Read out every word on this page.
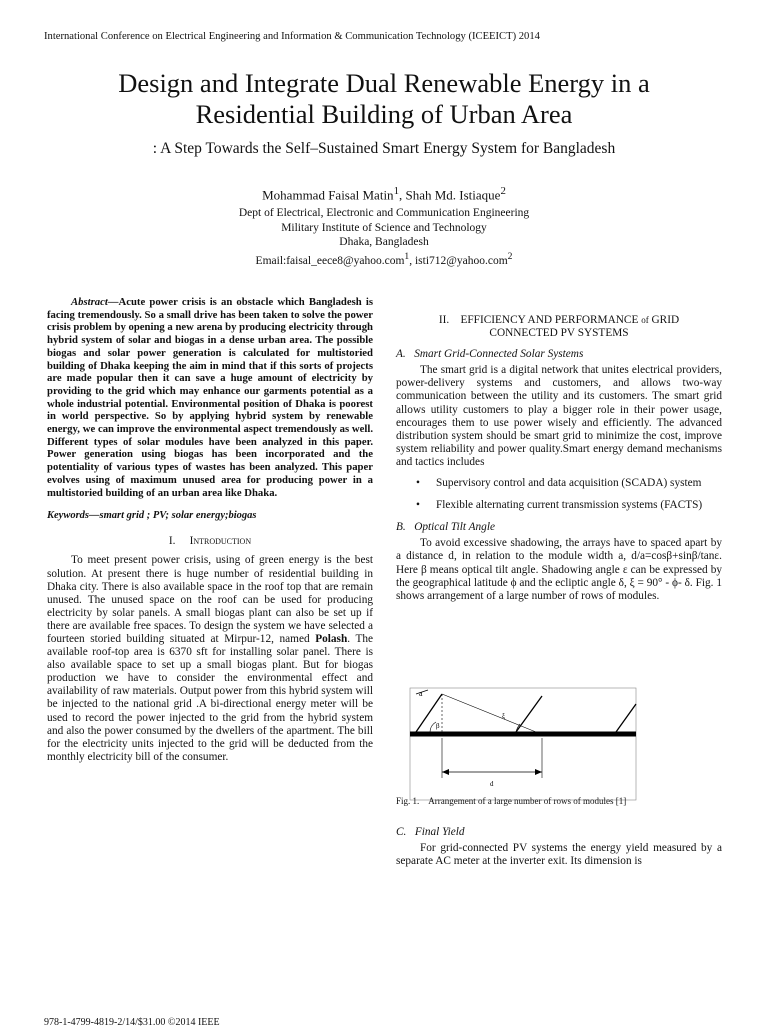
International Conference on Electrical Engineering and Information & Communication Technology (ICEEICT) 2014
Design and Integrate Dual Renewable Energy in a
Residential Building of Urban Area
: A Step Towards the Self–Sustained Smart Energy System for Bangladesh
Mohammad Faisal Matin$^1$, Shah Md. Istiaque$^2$
Dept of Electrical, Electronic and Communication Engineering
Military Institute of Science and Technology
Dhaka, Bangladesh
Email:faisal_eece8@yahoo.com$^1$, isti712@yahoo.com$^2$

Abstract—Acute power crisis is an obstacle which Bangladesh is facing tremendously. So a small drive has been taken to solve the power crisis problem by opening a new arena by producing electricity through hybrid system of solar and biogas in a dense urban area. The possible biogas and solar power generation is calculated for multistoried building of Dhaka keeping the aim in mind that if this sorts of projects are made popular then it can save a huge amount of electricity by providing to the grid which may enhance our garments potential as a whole industrial potential. Environmental position of Dhaka is poorest in world perspective. So by applying hybrid system by renewable energy, we can improve the environmental aspect tremendously as well. Different types of solar modules have been analyzed in this paper. Power generation using biogas has been incorporated and the potentiality of various types of wastes has been analyzed. This paper evolves using of maximum unused area for producing power in a multistoried building of an urban area like Dhaka.

Keywords—smart grid ; PV; solar energy;biogas

I. Introduction

To meet present power crisis, using of green energy is the best solution. At present there is huge number of residential building in Dhaka city. There is also available space in the roof top that are remain unused. The unused space on the roof can be used for producing electricity by solar panels. A small biogas plant can also be set up if there are available free spaces. To design the system we have selected a fourteen storied building situated at Mirpur-12, named Polash. The available roof-top area is 6370 sft for installing solar panel. There is also available space to set up a small biogas plant. But for biogas production we have to consider the environmental effect and availability of raw materials. Output power from this hybrid system will be injected to the national grid .A bi-directional energy meter will be used to record the power injected to the grid from the hybrid system and also the power consumed by the dwellers of the apartment. The bill for the electricity units injected to the grid will be deducted from the monthly electricity bill of the consumer.

II. EFFICIENCY AND PERFORMANCE of GRID
CONNECTED PV SYSTEMS

A. Smart Grid-Connected Solar Systems

The smart grid is a digital network that unites electrical providers, power-delivery systems and customers, and allows two-way communication between the utility and its customers. The smart grid allows utility customers to play a bigger role in their power usage, encourages them to use power wisely and efficiently. The advanced distribution system should be smart grid to minimize the cost, improve system reliability and power quality.Smart energy demand mechanisms and tactics includes

• Supervisory control and data acquisition (SCADA) system
• Flexible alternating current transmission systems (FACTS)

B. Optical Tilt Angle

To avoid excessive shadowing, the arrays have to spaced apart by a distance d, in relation to the module width a, d/a=cosβ+sinβ/tanε. Here β means optical tilt angle. Shadowing angle ε can be expressed by the geographical latitude ϕ and the ecliptic angle δ, ξ = 90° - ϕ- δ. Fig. 1 shows arrangement of a large number of rows of modules.

a
β
ξ
d
Fig. 1. Arrangement of a large number of rows of modules [1]

C. Final Yield

For grid-connected PV systems the energy yield measured by a separate AC meter at the inverter exit. Its dimension is

978-1-4799-4819-2/14/$31.00 ©2014 IEEE
